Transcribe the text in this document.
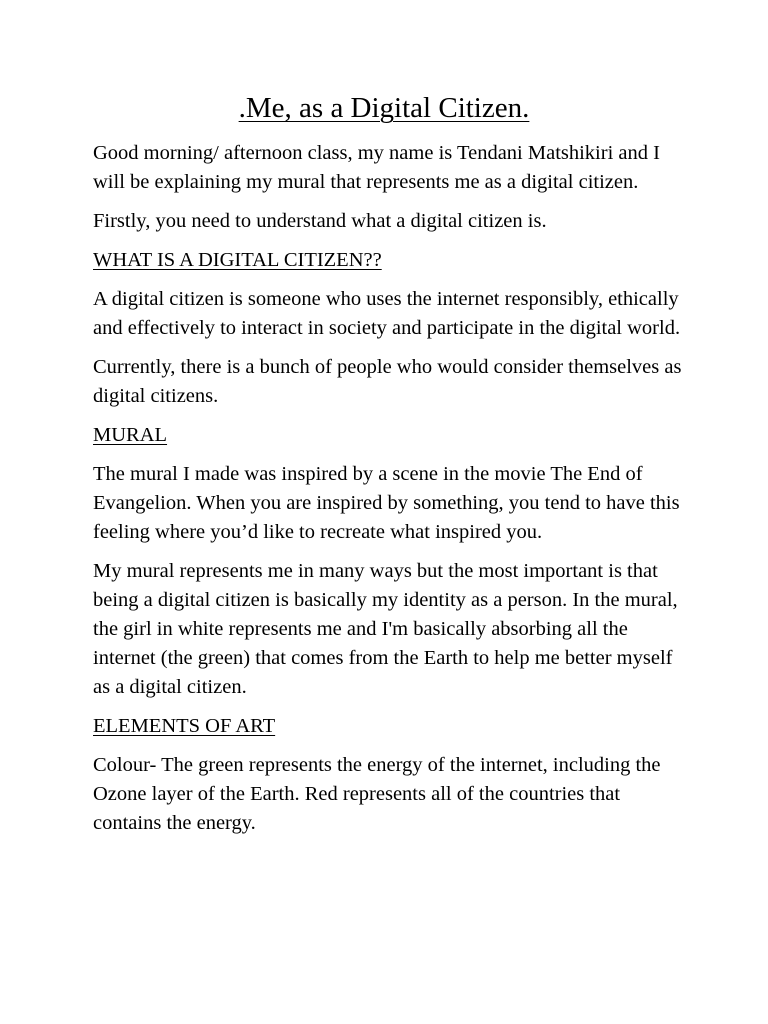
.Me, as a Digital Citizen.

Good morning/ afternoon class, my name is Tendani Matshikiri and I will be explaining my mural that represents me as a digital citizen.

Firstly, you need to understand what a digital citizen is.

WHAT IS A DIGITAL CITIZEN??

A digital citizen is someone who uses the internet responsibly, ethically and effectively to interact in society and participate in the digital world.

Currently, there is a bunch of people who would consider themselves as digital citizens.

MURAL

The mural I made was inspired by a scene in the movie The End of Evangelion. When you are inspired by something, you tend to have this feeling where you’d like to recreate what inspired you.

My mural represents me in many ways but the most important is that being a digital citizen is basically my identity as a person. In the mural, the girl in white represents me and I'm basically absorbing all the internet (the green) that comes from the Earth to help me better myself as a digital citizen.

ELEMENTS OF ART

Colour- The green represents the energy of the internet, including the Ozone layer of the Earth. Red represents all of the countries that contains the energy.
